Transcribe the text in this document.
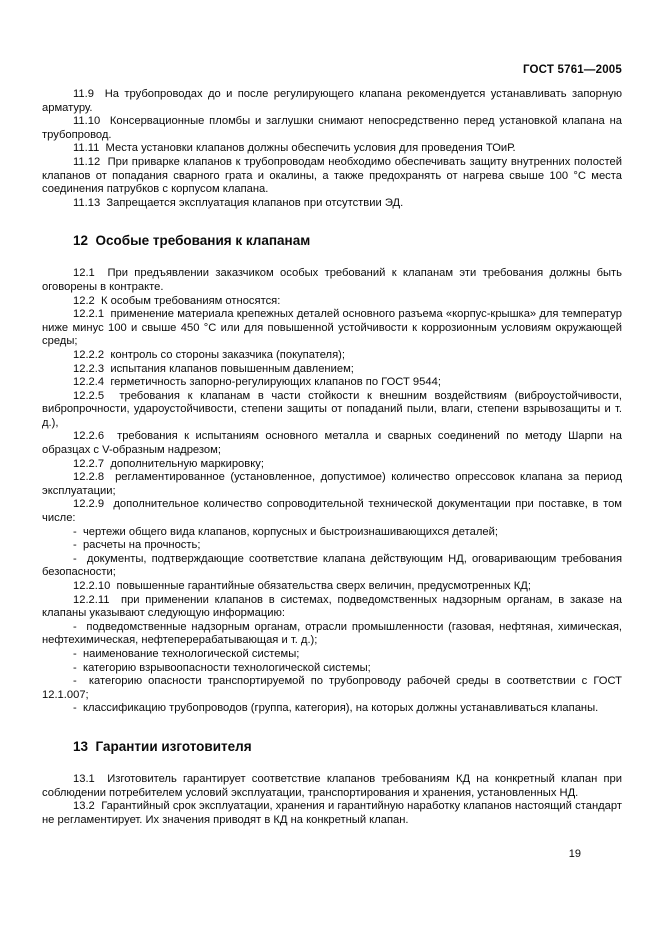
ГОСТ 5761—2005

11.9  На трубопроводах до и после регулирующего клапана рекомендуется устанавливать запорную арматуру.

11.10  Консервационные пломбы и заглушки снимают непосредственно перед установкой клапана на трубопровод.

11.11  Места установки клапанов должны обеспечить условия для проведения ТОиР.

11.12  При приварке клапанов к трубопроводам необходимо обеспечивать защиту внутренних полостей клапанов от попадания сварного грата и окалины, а также предохранять от нагрева свыше 100 °С места соединения патрубков с корпусом клапана.

11.13  Запрещается эксплуатация клапанов при отсутствии ЭД.

12  Особые требования к клапанам

12.1  При предъявлении заказчиком особых требований к клапанам эти требования должны быть оговорены в контракте.

12.2  К особым требованиям относятся:

12.2.1  применение материала крепежных деталей основного разъема «корпус-крышка» для температур ниже минус 100 и свыше 450 °С или для повышенной устойчивости к коррозионным условиям окружающей среды;

12.2.2  контроль со стороны заказчика (покупателя);

12.2.3  испытания клапанов повышенным давлением;

12.2.4  герметичность запорно-регулирующих клапанов по ГОСТ 9544;

12.2.5  требования к клапанам в части стойкости к внешним воздействиям (виброустойчивости, вибропрочности, удароустойчивости, степени защиты от попаданий пыли, влаги, степени взрывозащиты и т. д.),

12.2.6  требования к испытаниям основного металла и сварных соединений по методу Шарпи на образцах с V-образным надрезом;

12.2.7  дополнительную маркировку;

12.2.8  регламентированное (установленное, допустимое) количество опрессовок клапана за период эксплуатации;

12.2.9  дополнительное количество сопроводительной технической документации при поставке, в том числе:

-  чертежи общего вида клапанов, корпусных и быстроизнашивающихся деталей;

-  расчеты на прочность;

-  документы, подтверждающие соответствие клапана действующим НД, оговаривающим требования безопасности;

12.2.10  повышенные гарантийные обязательства сверх величин, предусмотренных КД;

12.2.11  при применении клапанов в системах, подведомственных надзорным органам, в заказе на клапаны указывают следующую информацию:

-  подведомственные надзорным органам, отрасли промышленности (газовая, нефтяная, химическая, нефтехимическая, нефтеперерабатывающая и т. д.);

-  наименование технологической системы;

-  категорию взрывоопасности технологической системы;

-  категорию опасности транспортируемой по трубопроводу рабочей среды в соответствии с ГОСТ 12.1.007;

-  классификацию трубопроводов (группа, категория), на которых должны устанавливаться клапаны.

13  Гарантии изготовителя

13.1  Изготовитель гарантирует соответствие клапанов требованиям КД на конкретный клапан при соблюдении потребителем условий эксплуатации, транспортирования и хранения, установленных НД.

13.2  Гарантийный срок эксплуатации, хранения и гарантийную наработку клапанов настоящий стандарт не регламентирует. Их значения приводят в КД на конкретный клапан.

19
